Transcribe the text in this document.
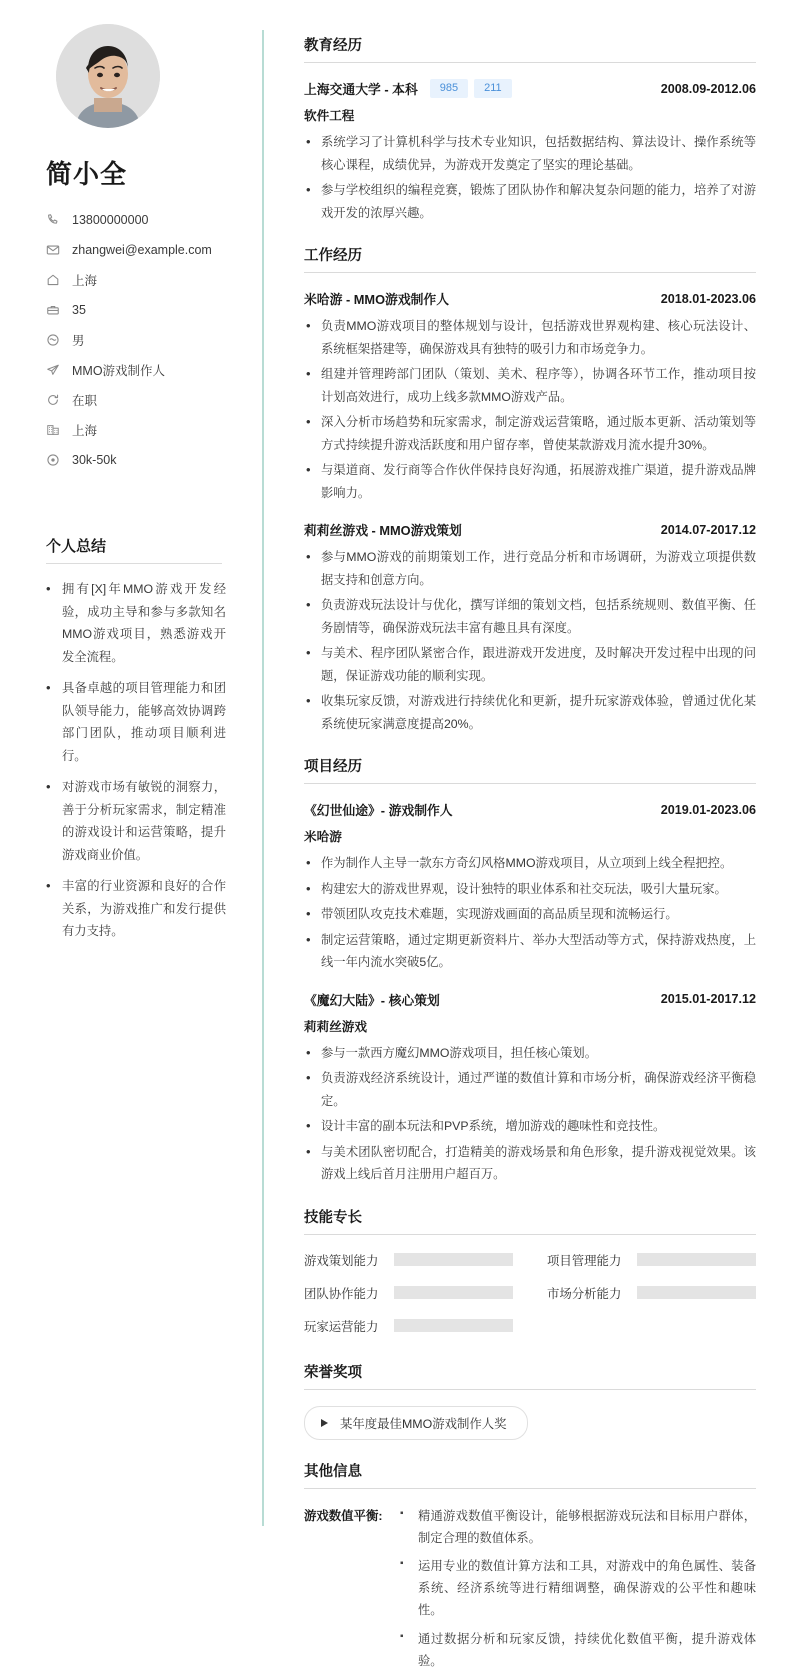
简小全
13800000000
zhangwei@example.com
上海
35
男
MMO游戏制作人
在职
上海
30k-50k
个人总结
• 拥有[X]年MMO游戏开发经验，成功主导和参与多款知名MMO游戏项目，熟悉游戏开发全流程。
• 具备卓越的项目管理能力和团队领导能力，能够高效协调跨部门团队，推动项目顺利进行。
• 对游戏市场有敏锐的洞察力，善于分析玩家需求，制定精准的游戏设计和运营策略，提升游戏商业价值。
• 丰富的行业资源和良好的合作关系，为游戏推广和发行提供有力支持。
教育经历
上海交通大学 - 本科	985	211	2008.09-2012.06
软件工程
• 系统学习了计算机科学与技术专业知识，包括数据结构、算法设计、操作系统等核心课程，成绩优异，为游戏开发奠定了坚实的理论基础。
• 参与学校组织的编程竞赛，锻炼了团队协作和解决复杂问题的能力，培养了对游戏开发的浓厚兴趣。
工作经历
米哈游 - MMO游戏制作人	2018.01-2023.06
• 负责MMO游戏项目的整体规划与设计，包括游戏世界观构建、核心玩法设计、系统框架搭建等，确保游戏具有独特的吸引力和市场竞争力。
• 组建并管理跨部门团队（策划、美术、程序等），协调各环节工作，推动项目按计划高效进行，成功上线多款MMO游戏产品。
• 深入分析市场趋势和玩家需求，制定游戏运营策略，通过版本更新、活动策划等方式持续提升游戏活跃度和用户留存率，曾使某款游戏月流水提升30%。
• 与渠道商、发行商等合作伙伴保持良好沟通，拓展游戏推广渠道，提升游戏品牌影响力。
莉莉丝游戏 - MMO游戏策划	2014.07-2017.12
• 参与MMO游戏的前期策划工作，进行竞品分析和市场调研，为游戏立项提供数据支持和创意方向。
• 负责游戏玩法设计与优化，撰写详细的策划文档，包括系统规则、数值平衡、任务剧情等，确保游戏玩法丰富有趣且具有深度。
• 与美术、程序团队紧密合作，跟进游戏开发进度，及时解决开发过程中出现的问题，保证游戏功能的顺利实现。
• 收集玩家反馈，对游戏进行持续优化和更新，提升玩家游戏体验，曾通过优化某系统使玩家满意度提高20%。
项目经历
《幻世仙途》- 游戏制作人	2019.01-2023.06
米哈游
• 作为制作人主导一款东方奇幻风格MMO游戏项目，从立项到上线全程把控。
• 构建宏大的游戏世界观，设计独特的职业体系和社交玩法，吸引大量玩家。
• 带领团队攻克技术难题，实现游戏画面的高品质呈现和流畅运行。
• 制定运营策略，通过定期更新资料片、举办大型活动等方式，保持游戏热度，上线一年内流水突破5亿。
《魔幻大陆》- 核心策划	2015.01-2017.12
莉莉丝游戏
• 参与一款西方魔幻MMO游戏项目，担任核心策划。
• 负责游戏经济系统设计，通过严谨的数值计算和市场分析，确保游戏经济平衡稳定。
• 设计丰富的副本玩法和PVP系统，增加游戏的趣味性和竞技性。
• 与美术团队密切配合，打造精美的游戏场景和角色形象，提升游戏视觉效果。该游戏上线后首月注册用户超百万。
技能专长
游戏策划能力	项目管理能力
团队协作能力	市场分析能力
玩家运营能力
荣誉奖项
某年度最佳MMO游戏制作人奖
其他信息
游戏数值平衡:	▪ 精通游戏数值平衡设计，能够根据游戏玩法和目标用户群体，制定合理的数值体系。
▪ 运用专业的数值计算方法和工具，对游戏中的角色属性、装备系统、经济系统等进行精细调整，确保游戏的公平性和趣味性。
▪ 通过数据分析和玩家反馈，持续优化数值平衡，提升游戏体验。
